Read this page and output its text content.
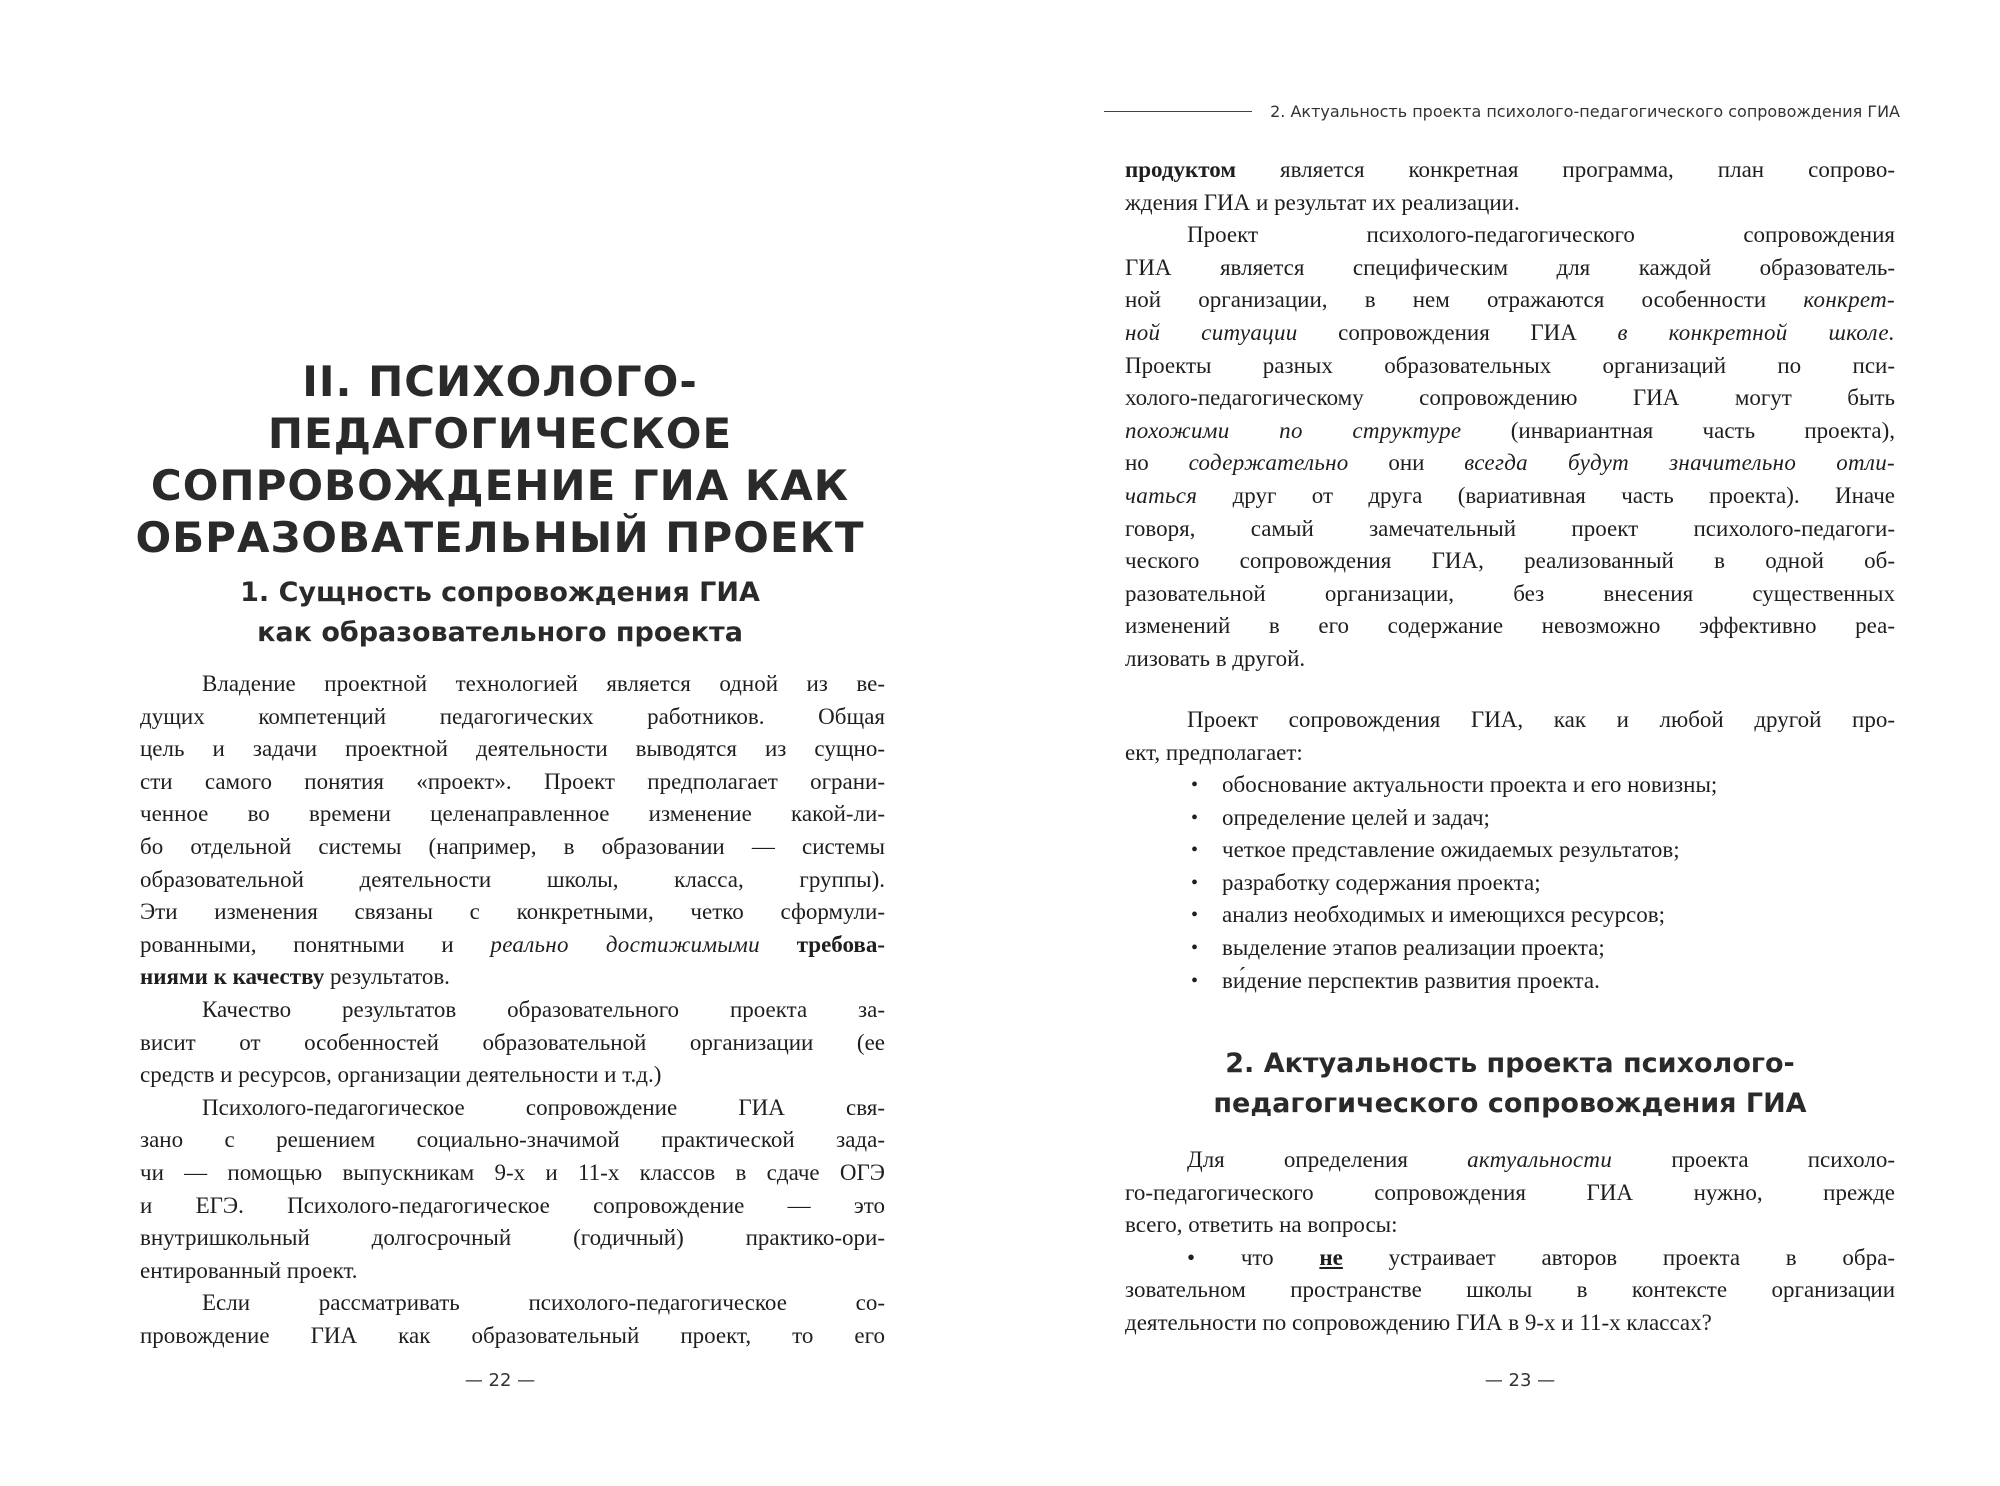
II. ПСИХОЛОГО-ПЕДАГОГИЧЕСКОЕ
СОПРОВОЖДЕНИЕ ГИА КАК
ОБРАЗОВАТЕЛЬНЫЙ ПРОЕКТ
1. Сущность сопровождения ГИА
как образовательного проекта
Владение проектной технологией является одной из ве-
дущих компетенций педагогических работников. Общая
цель и задачи проектной деятельности выводятся из сущно-
сти самого понятия «проект». Проект предполагает ограни-
ченное во времени целенаправленное изменение какой-ли-
бо отдельной системы (например, в образовании — системы
образовательной деятельности школы, класса, группы).
Эти изменения связаны с конкретными, четко сформули-
рованными, понятными и реально достижимыми требова-
ниями к качеству результатов.
Качество результатов образовательного проекта за-
висит от особенностей образовательной организации (ее
средств и ресурсов, организации деятельности и т.д.)
Психолого-педагогическое сопровождение ГИА свя-
зано с решением социально-значимой практической зада-
чи — помощью выпускникам 9-х и 11-х классов в сдаче ОГЭ
и ЕГЭ. Психолого-педагогическое сопровождение — это
внутришкольный долгосрочный (годичный) практико-ори-
ентированный проект.
Если рассматривать психолого-педагогическое со-
провождение ГИА как образовательный проект, то его
— 22 —
2. Актуальность проекта психолого-педагогического сопровождения ГИА
продуктом является конкретная программа, план сопрово-
ждения ГИА и результат их реализации.
Проект психолого-педагогического сопровождения
ГИА является специфическим для каждой образователь-
ной организации, в нем отражаются особенности конкрет-
ной ситуации сопровождения ГИА в конкретной школе.
Проекты разных образовательных организаций по пси-
холого-педагогическому сопровождению ГИА могут быть
похожими по структуре (инвариантная часть проекта),
но содержательно они всегда будут значительно отли-
чаться друг от друга (вариативная часть проекта). Иначе
говоря, самый замечательный проект психолого-педагоги-
ческого сопровождения ГИА, реализованный в одной об-
разовательной организации, без внесения существенных
изменений в его содержание невозможно эффективно реа-
лизовать в другой.
Проект сопровождения ГИА, как и любой другой про-
ект, предполагает:
• обоснование актуальности проекта и его новизны;
• определение целей и задач;
• четкое представление ожидаемых результатов;
• разработку содержания проекта;
• анализ необходимых и имеющихся ресурсов;
• выделение этапов реализации проекта;
• ви́дение перспектив развития проекта.
2. Актуальность проекта психолого-
педагогического сопровождения ГИА
Для определения актуальности проекта психоло-
го-педагогического сопровождения ГИА нужно, прежде
всего, ответить на вопросы:
• что не устраивает авторов проекта в обра-
зовательном пространстве школы в контексте организации
деятельности по сопровождению ГИА в 9-х и 11-х классах?
— 23 —
